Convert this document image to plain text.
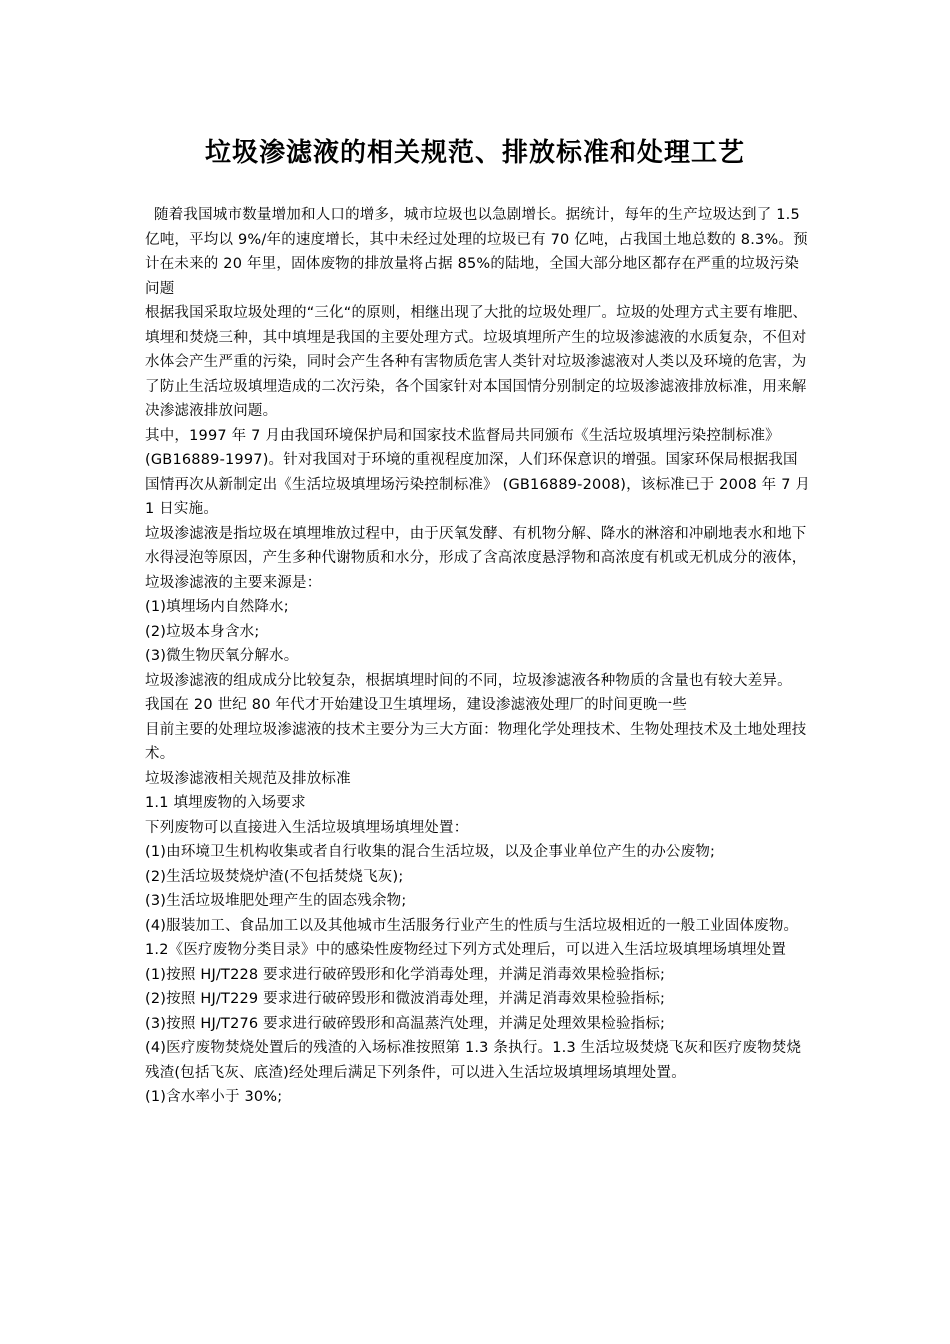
垃圾渗滤液的相关规范、排放标准和处理工艺

随着我国城市数量增加和人口的增多，城市垃圾也以急剧增长。据统计，每年的生产垃圾达到了 1.5 亿吨，平均以 9%/年的速度增长，其中未经过处理的垃圾已有 70 亿吨，占我国土地总数的 8.3%。预计在未来的 20 年里，固体废物的排放量将占据 85%的陆地，全国大部分地区都存在严重的垃圾污染问题

根据我国采取垃圾处理的“三化“的原则，相继出现了大批的垃圾处理厂。垃圾的处理方式主要有堆肥、填埋和焚烧三种，其中填埋是我国的主要处理方式。垃圾填埋所产生的垃圾渗滤液的水质复杂，不但对水体会产生严重的污染，同时会产生各种有害物质危害人类针对垃圾渗滤液对人类以及环境的危害，为了防止生活垃圾填埋造成的二次污染，各个国家针对本国国情分别制定的垃圾渗滤液排放标准，用来解决渗滤液排放问题。

其中，1997 年 7 月由我国环境保护局和国家技术监督局共同颁布《生活垃圾填埋污染控制标准》(GB16889-1997)。针对我国对于环境的重视程度加深，人们环保意识的增强。国家环保局根据我国国情再次从新制定出《生活垃圾填埋场污染控制标准》 (GB16889-2008)，该标准已于 2008 年 7 月 1 日实施。

垃圾渗滤液是指垃圾在填埋堆放过程中，由于厌氧发酵、有机物分解、降水的淋溶和冲刷地表水和地下水得浸泡等原因，产生多种代谢物质和水分，形成了含高浓度悬浮物和高浓度有机或无机成分的液体，垃圾渗滤液的主要来源是：

(1)填埋场内自然降水;

(2)垃圾本身含水;

(3)微生物厌氧分解水。

垃圾渗滤液的组成成分比较复杂，根据填埋时间的不同，垃圾渗滤液各种物质的含量也有较大差异。

我国在 20 世纪 80 年代才开始建设卫生填埋场，建设渗滤液处理厂的时间更晚一些

目前主要的处理垃圾渗滤液的技术主要分为三大方面：物理化学处理技术、生物处理技术及土地处理技术。

垃圾渗滤液相关规范及排放标准

1.1 填埋废物的入场要求

下列废物可以直接进入生活垃圾填埋场填埋处置：

(1)由环境卫生机构收集或者自行收集的混合生活垃圾，以及企事业单位产生的办公废物;

(2)生活垃圾焚烧炉渣(不包括焚烧飞灰);

(3)生活垃圾堆肥处理产生的固态残余物;

(4)服装加工、食品加工以及其他城市生活服务行业产生的性质与生活垃圾相近的一般工业固体废物。

1.2《医疗废物分类目录》中的感染性废物经过下列方式处理后，可以进入生活垃圾填埋场填埋处置

(1)按照 HJ/T228 要求进行破碎毁形和化学消毒处理，并满足消毒效果检验指标;

(2)按照 HJ/T229 要求进行破碎毁形和微波消毒处理，并满足消毒效果检验指标;

(3)按照 HJ/T276 要求进行破碎毁形和高温蒸汽处理，并满足处理效果检验指标;

(4)医疗废物焚烧处置后的残渣的入场标准按照第 1.3 条执行。1.3 生活垃圾焚烧飞灰和医疗废物焚烧残渣(包括飞灰、底渣)经处理后满足下列条件，可以进入生活垃圾填埋场填埋处置。

(1)含水率小于 30%;
